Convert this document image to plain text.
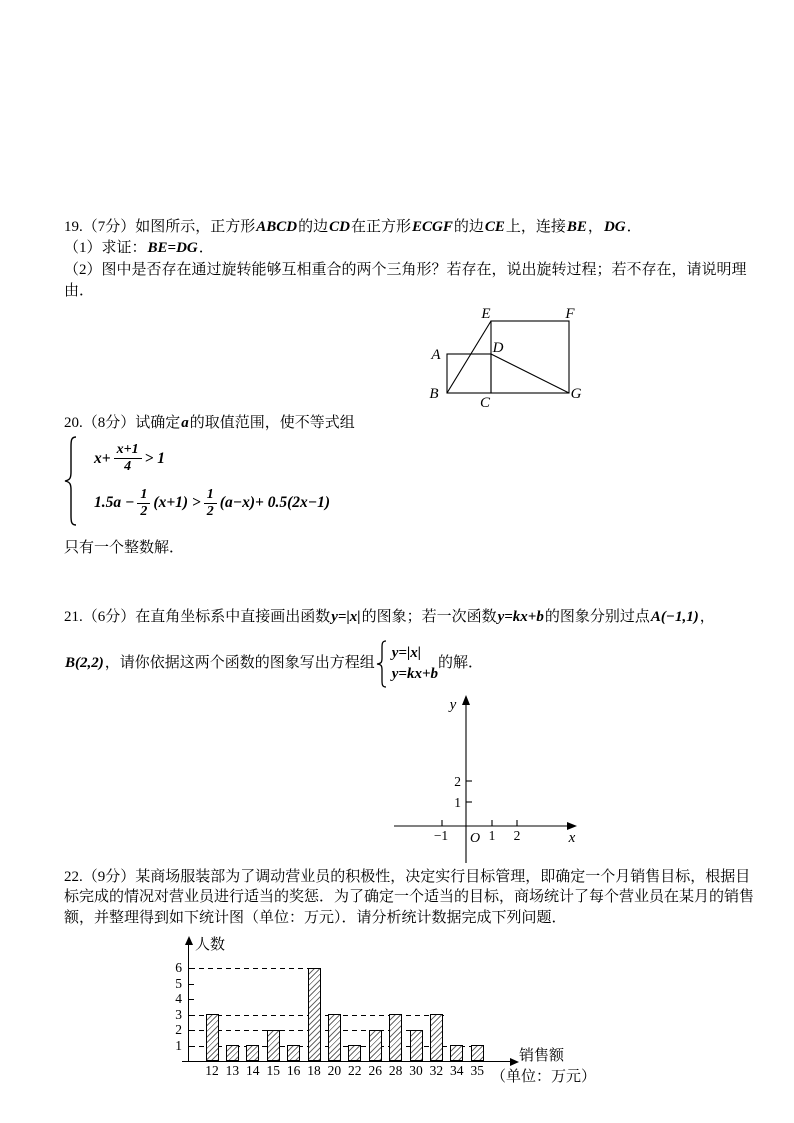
19.（7分）如图所示，正方形ABCD的边CD在正方形ECGF的边CE上，连接BE，DG．
（1）求证：BE=DG．
（2）图中是否存在通过旋转能够互相重合的两个三角形？若存在，说出旋转过程；若不存在，请说明理
由．
A
B
C
D
E	F
G
20.（8分）试确定a的取值范围，使不等式组
$x+ \frac{x+1}{4} > 1$
$1.5a - \frac{1}{2} (x+1) > \frac{1}{2} (a-x)+ 0.5(2x-1)$
只有一个整数解．
21.（6分）在直角坐标系中直接画出函数y=|x|的图象；若一次函数y=kx+b的图象分别过点A(−1,1)，
B(2,2)，请你依据这两个函数的图象写出方程组
y=|x|
y=kx+b
的解．
y
x
O
−1	1 2
2
1
22.（9分）某商场服装部为了调动营业员的积极性，决定实行目标管理，即确定一个月销售目标，根据目
标完成的情况对营业员进行适当的奖惩．为了确定一个适当的目标，商场统计了每个营业员在某月的销售
额，并整理得到如下统计图（单位：万元）．请分析统计数据完成下列问题．
人数
销售额
（单位：万元）
1
2
3
4
5
6
12 13 14 15 16 18 20 22 26 28 30 32 34 35
